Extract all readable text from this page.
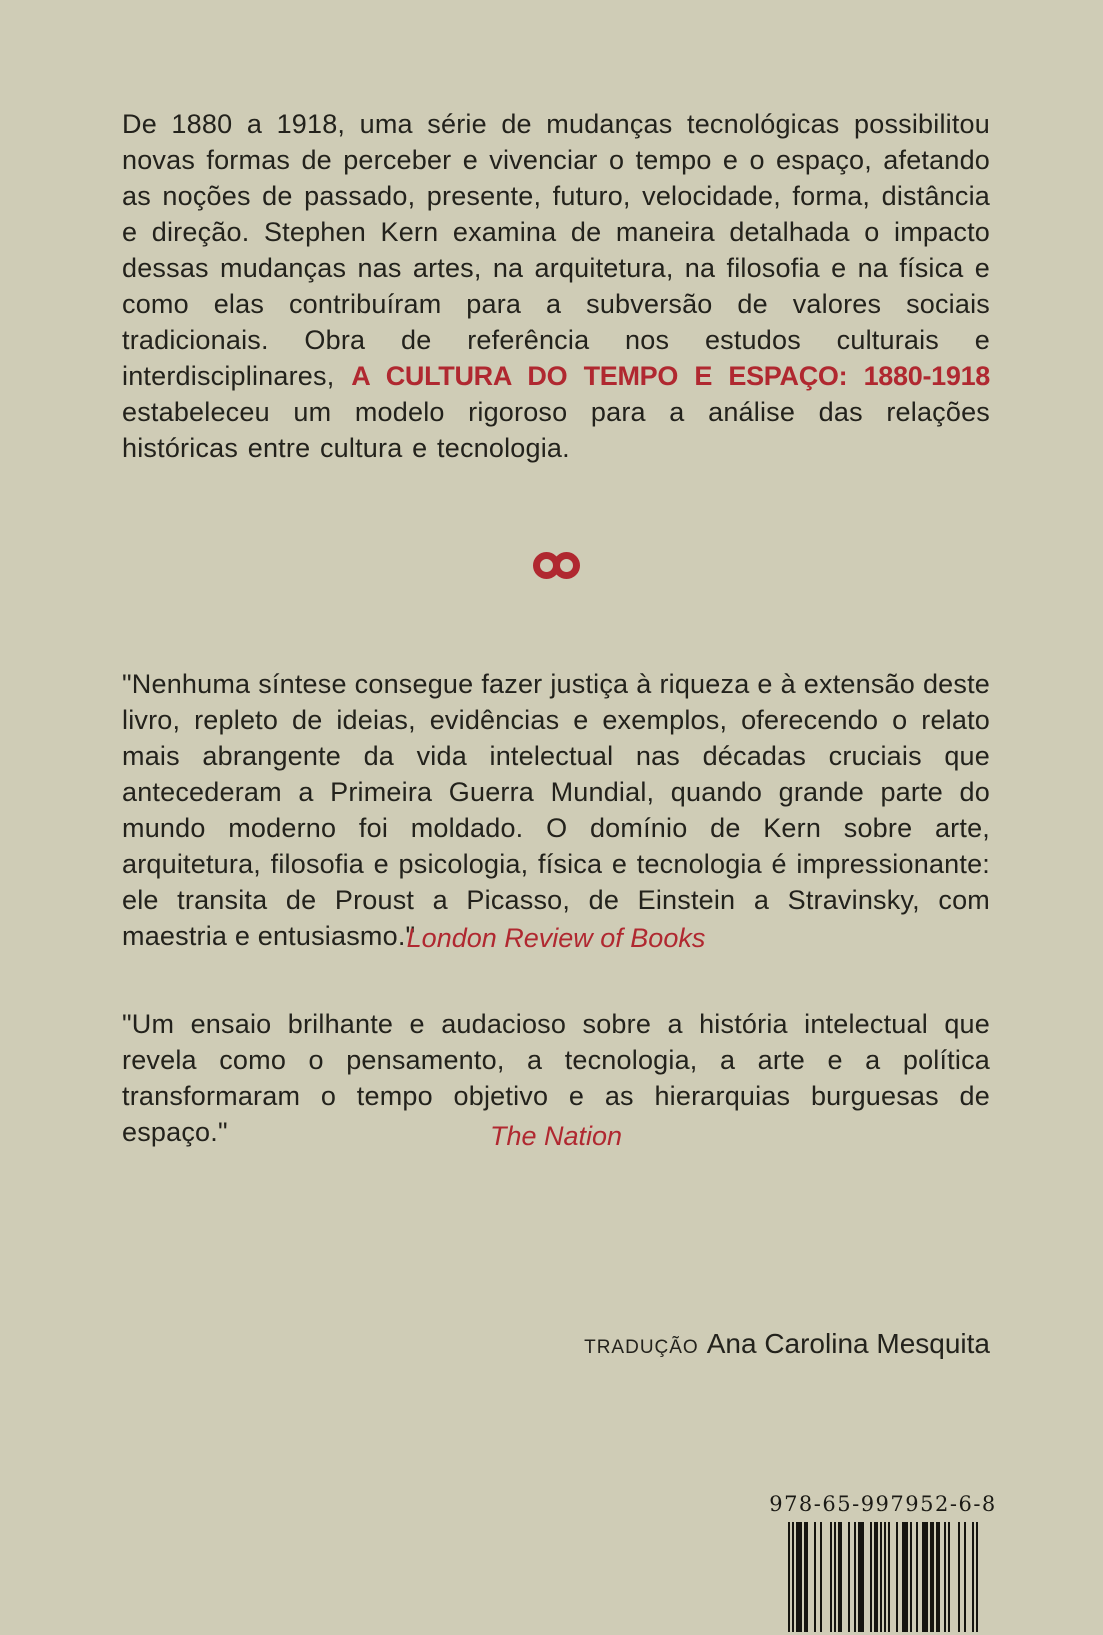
De 1880 a 1918, uma série de mudanças tecnológicas possibilitou novas formas de perceber e vivenciar o tempo e o espaço, afetando as noções de passado, presente, futuro, velocidade, forma, distância e direção. Stephen Kern examina de maneira detalhada o impacto dessas mudanças nas artes, na arquitetura, na filosofia e na física e como elas contribuíram para a subversão de valores sociais tradicionais. Obra de referência nos estudos culturais e interdisciplinares, A CULTURA DO TEMPO E ESPAÇO: 1880-1918 estabeleceu um modelo rigoroso para a análise das relações históricas entre cultura e tecnologia.

"Nenhuma síntese consegue fazer justiça à riqueza e à extensão deste livro, repleto de ideias, evidências e exemplos, oferecendo o relato mais abrangente da vida intelectual nas décadas cruciais que antecederam a Primeira Guerra Mundial, quando grande parte do mundo moderno foi moldado. O domínio de Kern sobre arte, arquitetura, filosofia e psicologia, física e tecnologia é impressionante: ele transita de Proust a Picasso, de Einstein a Stravinsky, com maestria e entusiasmo."

London Review of Books

"Um ensaio brilhante e audacioso sobre a história intelectual que revela como o pensamento, a tecnologia, a arte e a política transformaram o tempo objetivo e as hierarquias burguesas de espaço."	The Nation

TRADUÇÃO Ana Carolina Mesquita

978-65-997952-6-8
